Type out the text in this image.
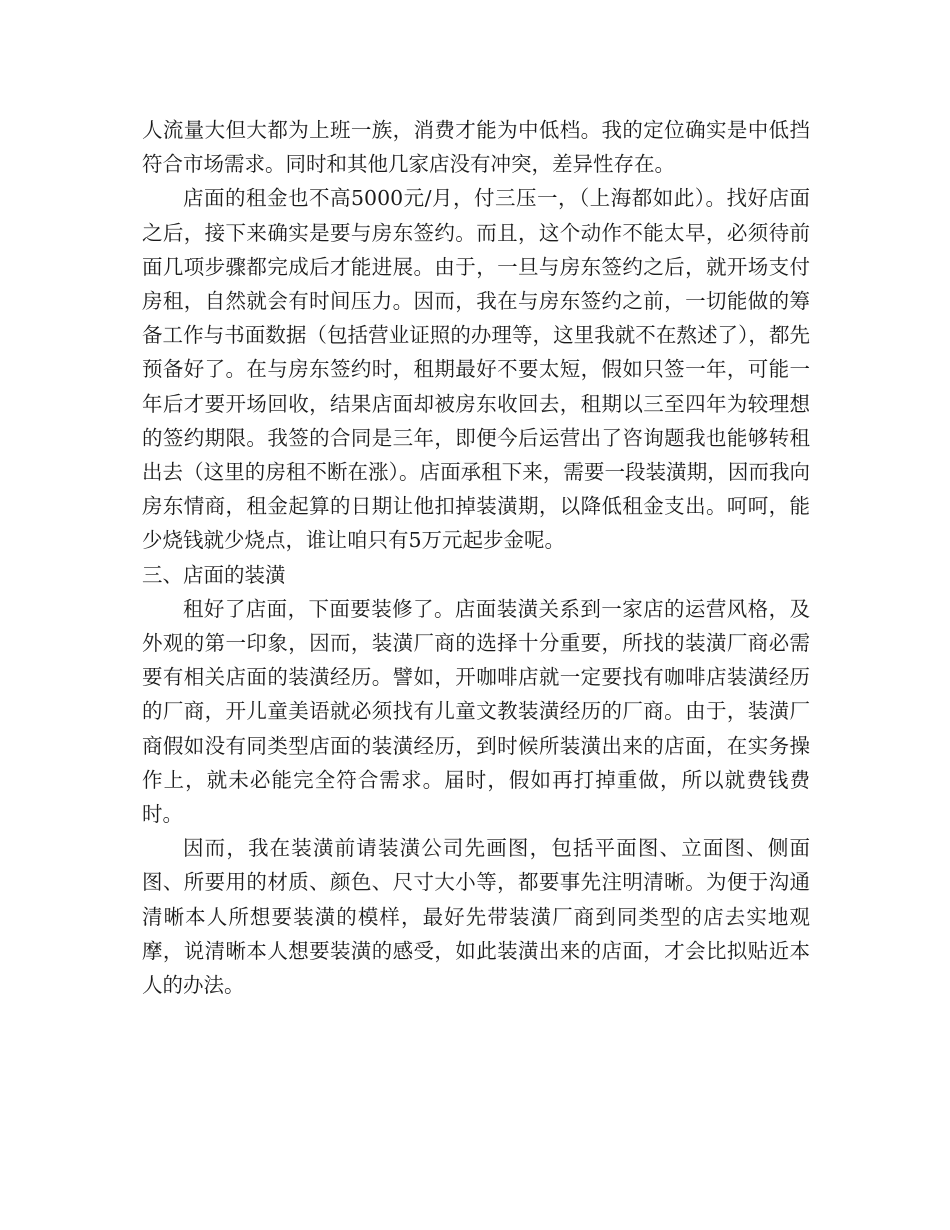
人流量大但大都为上班一族，消费才能为中低档。我的定位确实是中低挡符合市场需求。同时和其他几家店没有冲突，差异性存在。

店面的租金也不高5000元/月，付三压一，（上海都如此）。找好店面之后，接下来确实是要与房东签约。而且，这个动作不能太早，必须待前面几项步骤都完成后才能进展。由于，一旦与房东签约之后，就开场支付房租，自然就会有时间压力。因而，我在与房东签约之前，一切能做的筹备工作与书面数据（包括营业证照的办理等，这里我就不在熬述了），都先预备好了。在与房东签约时，租期最好不要太短，假如只签一年，可能一年后才要开场回收，结果店面却被房东收回去，租期以三至四年为较理想的签约期限。我签的合同是三年，即便今后运营出了咨询题我也能够转租出去（这里的房租不断在涨）。店面承租下来，需要一段装潢期，因而我向房东情商，租金起算的日期让他扣掉装潢期，以降低租金支出。呵呵，能少烧钱就少烧点，谁让咱只有5万元起步金呢。

三、店面的装潢

租好了店面，下面要装修了。店面装潢关系到一家店的运营风格，及外观的第一印象，因而，装潢厂商的选择十分重要，所找的装潢厂商必需要有相关店面的装潢经历。譬如，开咖啡店就一定要找有咖啡店装潢经历的厂商，开儿童美语就必须找有儿童文教装潢经历的厂商。由于，装潢厂商假如没有同类型店面的装潢经历，到时候所装潢出来的店面，在实务操作上，就未必能完全符合需求。届时，假如再打掉重做，所以就费钱费时。

因而，我在装潢前请装潢公司先画图，包括平面图、立面图、侧面图、所要用的材质、颜色、尺寸大小等，都要事先注明清晰。为便于沟通清晰本人所想要装潢的模样，最好先带装潢厂商到同类型的店去实地观摩，说清晰本人想要装潢的感受，如此装潢出来的店面，才会比拟贴近本人的办法。
